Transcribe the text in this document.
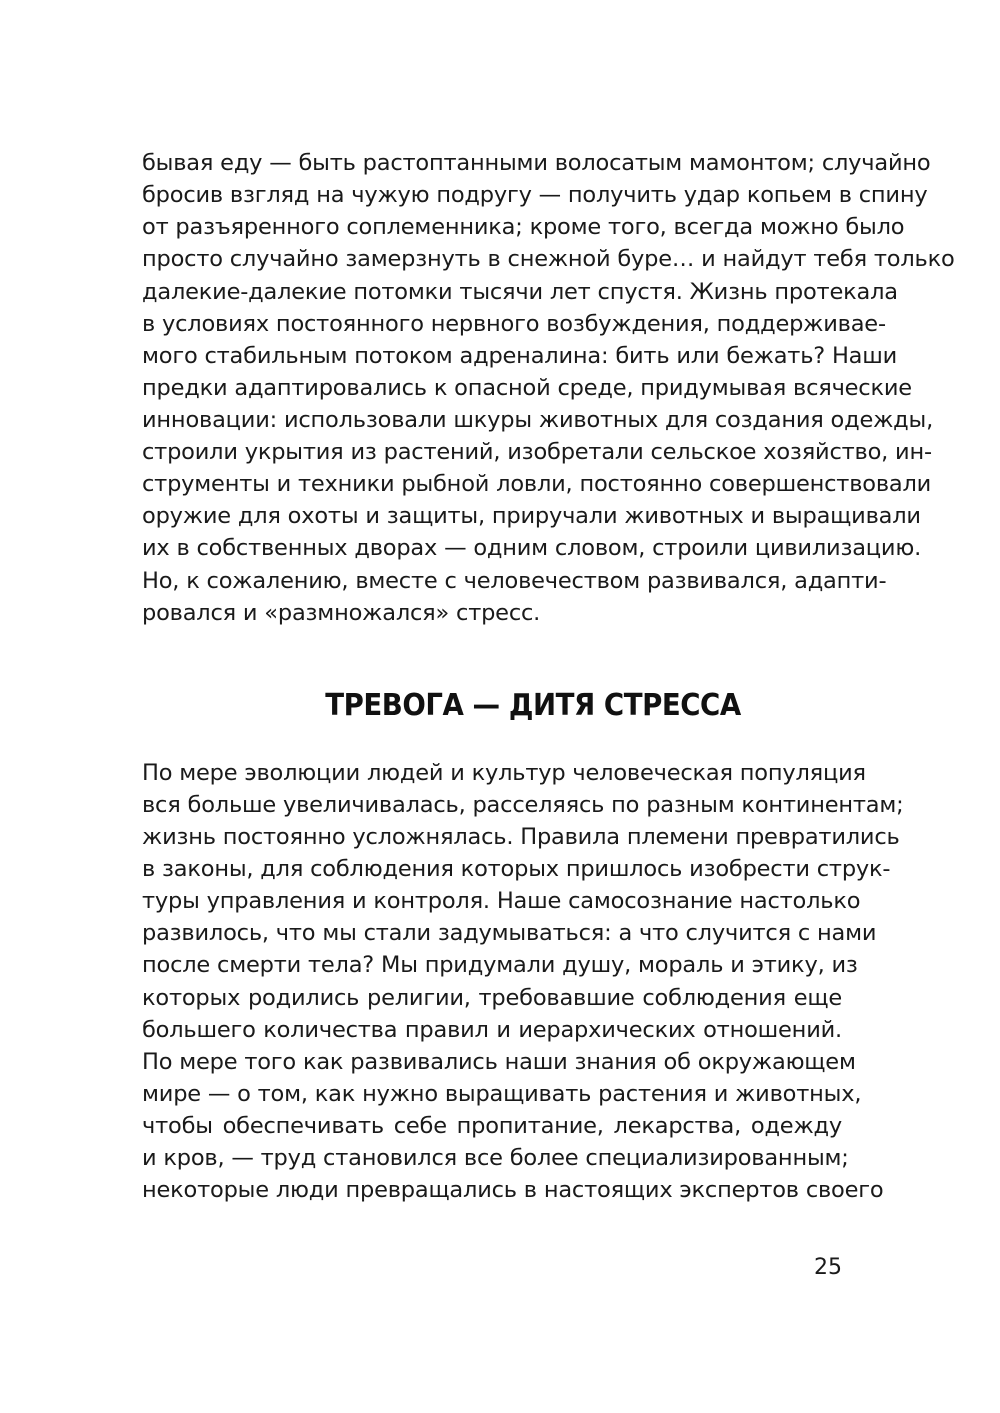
бывая еду — быть растоптанными волосатым мамонтом; случайно
бросив взгляд на чужую подругу — получить удар копьем в спину
от разъяренного соплеменника; кроме того, всегда можно было
просто случайно замерзнуть в снежной буре… и найдут тебя только
далекие-далекие потомки тысячи лет спустя. Жизнь протекала
в условиях постоянного нервного возбуждения, поддерживае-
мого стабильным потоком адреналина: бить или бежать? Наши
предки адаптировались к опасной среде, придумывая всяческие
инновации: использовали шкуры животных для создания одежды,
строили укрытия из растений, изобретали сельское хозяйство, ин-
струменты и техники рыбной ловли, постоянно совершенствовали
оружие для охоты и защиты, приручали животных и выращивали
их в собственных дворах — одним словом, строили цивилизацию.
Но, к сожалению, вместе с человечеством развивался, адапти-
ровался и «размножался» стресс.
ТРЕВОГА — ДИТЯ СТРЕССА
По мере эволюции людей и культур человеческая популяция
вся больше увеличивалась, расселяясь по разным континентам;
жизнь постоянно усложнялась. Правила племени превратились
в законы, для соблюдения которых пришлось изобрести струк-
туры управления и контроля. Наше самосознание настолько
развилось, что мы стали задумываться: а что случится с нами
после смерти тела? Мы придумали душу, мораль и этику, из
которых родились религии, требовавшие соблюдения еще
большего количества правил и иерархических отношений.
По мере того как развивались наши знания об окружающем
мире — о том, как нужно выращивать растения и животных,
чтобы обеспечивать себе пропитание, лекарства, одежду
и кров, — труд становился все более специализированным;
некоторые люди превращались в настоящих экспертов своего
25
